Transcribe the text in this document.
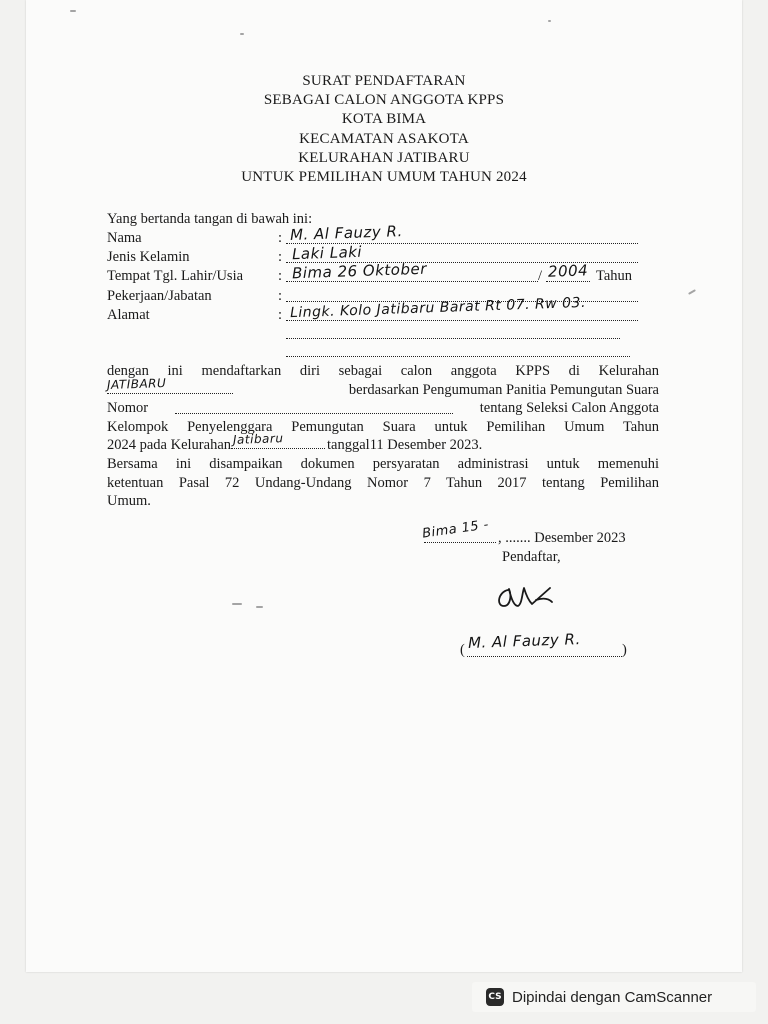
SURAT PENDAFTARAN
SEBAGAI CALON ANGGOTA KPPS
KOTA BIMA
KECAMATAN ASAKOTA
KELURAHAN JATIBARU
UNTUK PEMILIHAN UMUM TAHUN 2024
Yang bertanda tangan di bawah ini:
Nama	: M. Al Fauzy R.
Jenis Kelamin	: Laki Laki
Tempat Tgl. Lahir/Usia : Bima 26 Oktober	/ 2004 Tahun
Pekerjaan/Jabatan	:
Alamat	: Lingk. Kolo Jatibaru Barat Rt 07. Rw 03.
dengan ini mendaftarkan diri sebagai calon anggota KPPS di Kelurahan
JATIBARU	berdasarkan Pengumuman Panitia Pemungutan Suara
Nomor	tentang Seleksi Calon Anggota
Kelompok Penyelenggara Pemungutan Suara untuk Pemilihan Umum Tahun
2024 pada Kelurahan Jatibaru	tanggal11 Desember 2023.
Bersama ini disampaikan dokumen persyaratan administrasi untuk memenuhi
ketentuan Pasal 72 Undang-Undang Nomor 7 Tahun 2017 tentang Pemilihan
Umum.
Bima 15 - , ....... Desember 2023
Pendaftar,
( M. Al Fauzy R.	)
CS Dipindai dengan CamScanner
